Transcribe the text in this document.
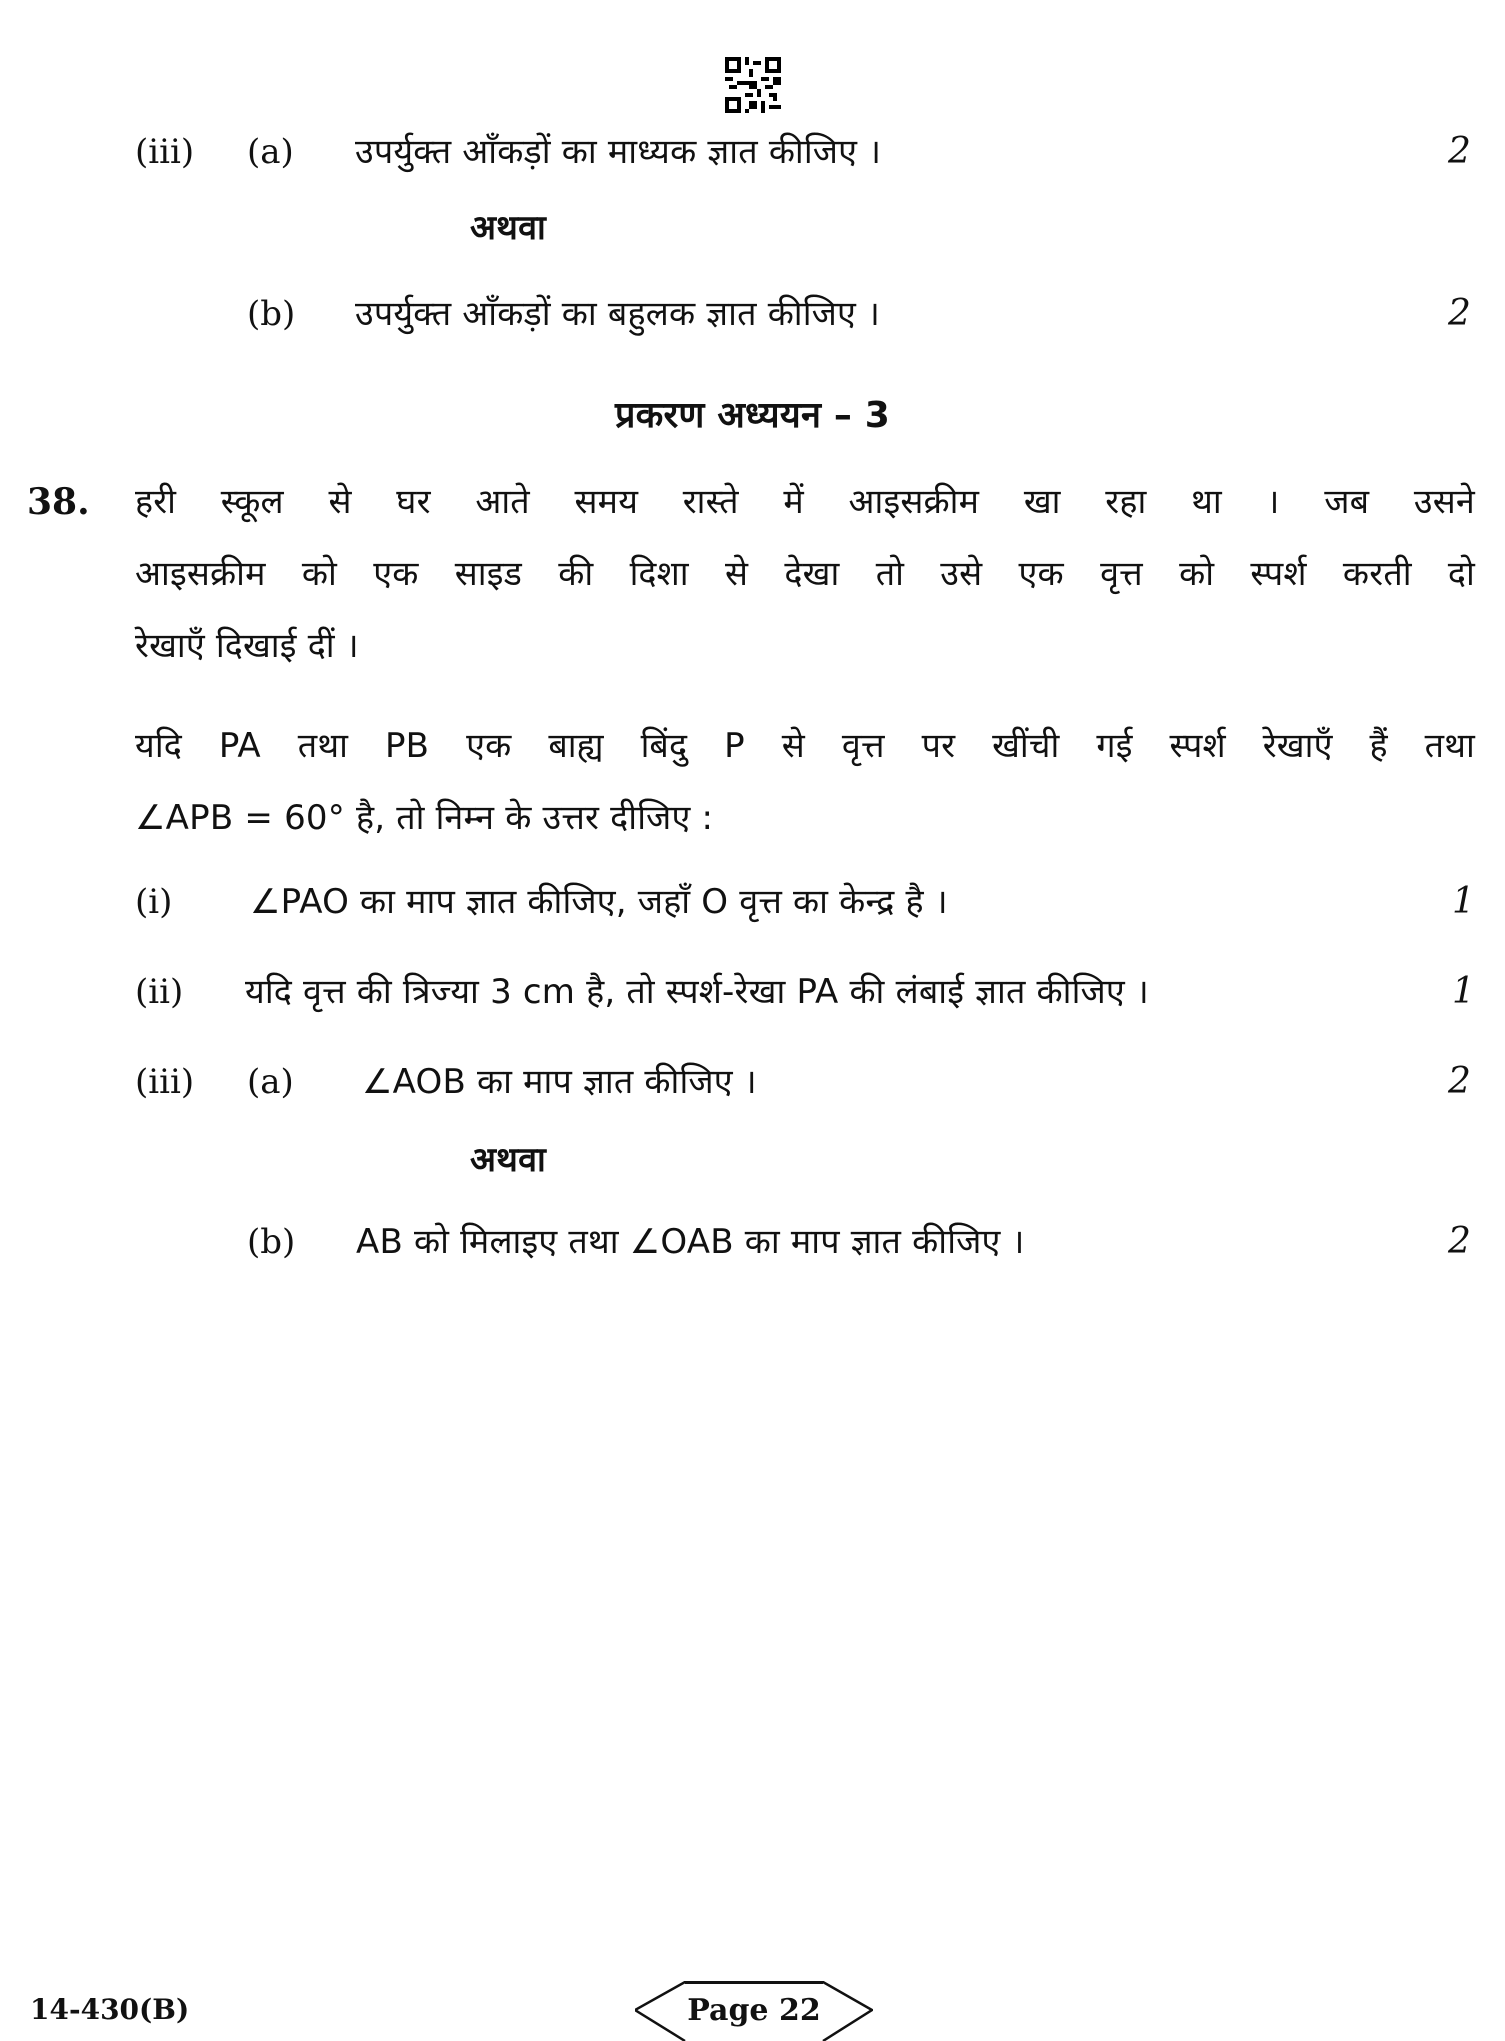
(iii) (a) उपर्युक्त आँकड़ों का माध्यक ज्ञात कीजिए ।	2
अथवा
(b) उपर्युक्त आँकड़ों का बहुलक ज्ञात कीजिए ।	2
प्रकरण अध्ययन – 3
38. हरी स्कूल से घर आते समय रास्ते में आइसक्रीम खा रहा था । जब उसने
आइसक्रीम को एक साइड की दिशा से देखा तो उसे एक वृत्त को स्पर्श करती दो
रेखाएँ दिखाई दीं ।
यदि PA तथा PB एक बाह्य बिंदु P से वृत्त पर खींची गई स्पर्श रेखाएँ हैं तथा
∠APB = 60° है, तो निम्न के उत्तर दीजिए :
(i) ∠PAO का माप ज्ञात कीजिए, जहाँ O वृत्त का केन्द्र है ।	1
(ii) यदि वृत्त की त्रिज्या 3 cm है, तो स्पर्श-रेखा PA की लंबाई ज्ञात कीजिए ।	1
(iii) (a) ∠AOB का माप ज्ञात कीजिए ।	2
अथवा
(b) AB को मिलाइए तथा ∠OAB का माप ज्ञात कीजिए ।	2
14-430(B)	Page 22
